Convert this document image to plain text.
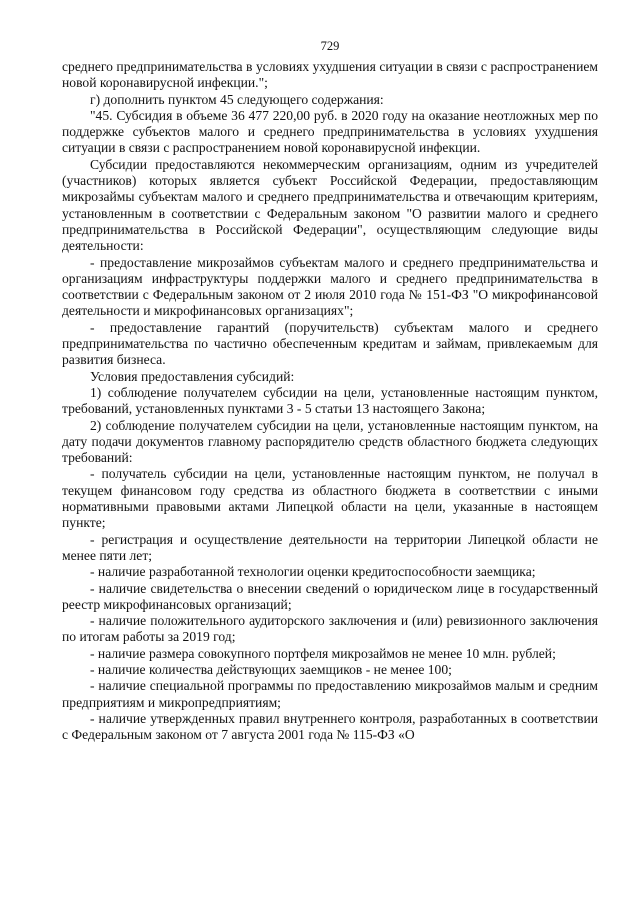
729

среднего предпринимательства в условиях ухудшения ситуации в связи с распространением новой коронавирусной инфекции.";

г) дополнить пунктом 45 следующего содержания:

"45. Субсидия в объеме 36 477 220,00 руб. в 2020 году на оказание неотложных мер по поддержке субъектов малого и среднего предпринимательства в условиях ухудшения ситуации в связи с распространением новой коронавирусной инфекции.

Субсидии предоставляются некоммерческим организациям, одним из учредителей (участников) которых является субъект Российской Федерации, предоставляющим микрозаймы субъектам малого и среднего предпринимательства и отвечающим критериям, установленным в соответствии с Федеральным законом "О развитии малого и среднего предпринимательства в Российской Федерации", осуществляющим следующие виды деятельности:

- предоставление микрозаймов субъектам малого и среднего предпринимательства и организациям инфраструктуры поддержки малого и среднего предпринимательства в соответствии с Федеральным законом от 2 июля 2010 года № 151-ФЗ "О микрофинансовой деятельности и микрофинансовых организациях";

- предоставление гарантий (поручительств) субъектам малого и среднего предпринимательства по частично обеспеченным кредитам и займам, привлекаемым для развития бизнеса.

Условия предоставления субсидий:

1) соблюдение получателем субсидии на цели, установленные настоящим пунктом, требований, установленных пунктами 3 - 5 статьи 13 настоящего Закона;

2) соблюдение получателем субсидии на цели, установленные настоящим пунктом, на дату подачи документов главному распорядителю средств областного бюджета следующих требований:

- получатель субсидии на цели, установленные настоящим пунктом, не получал в текущем финансовом году средства из областного бюджета в соответствии с иными нормативными правовыми актами Липецкой области на цели, указанные в настоящем пункте;

- регистрация и осуществление деятельности на территории Липецкой области не менее пяти лет;

- наличие разработанной технологии оценки кредитоспособности заемщика;

- наличие свидетельства о внесении сведений о юридическом лице в государственный реестр микрофинансовых организаций;

- наличие положительного аудиторского заключения и (или) ревизионного заключения по итогам работы за 2019 год;

- наличие размера совокупного портфеля микрозаймов не менее 10 млн. рублей;

- наличие количества действующих заемщиков - не менее 100;

- наличие специальной программы по предоставлению микрозаймов малым и средним предприятиям и микропредприятиям;

- наличие утвержденных правил внутреннего контроля, разработанных в соответствии с Федеральным законом от 7 августа 2001 года № 115-ФЗ «О
